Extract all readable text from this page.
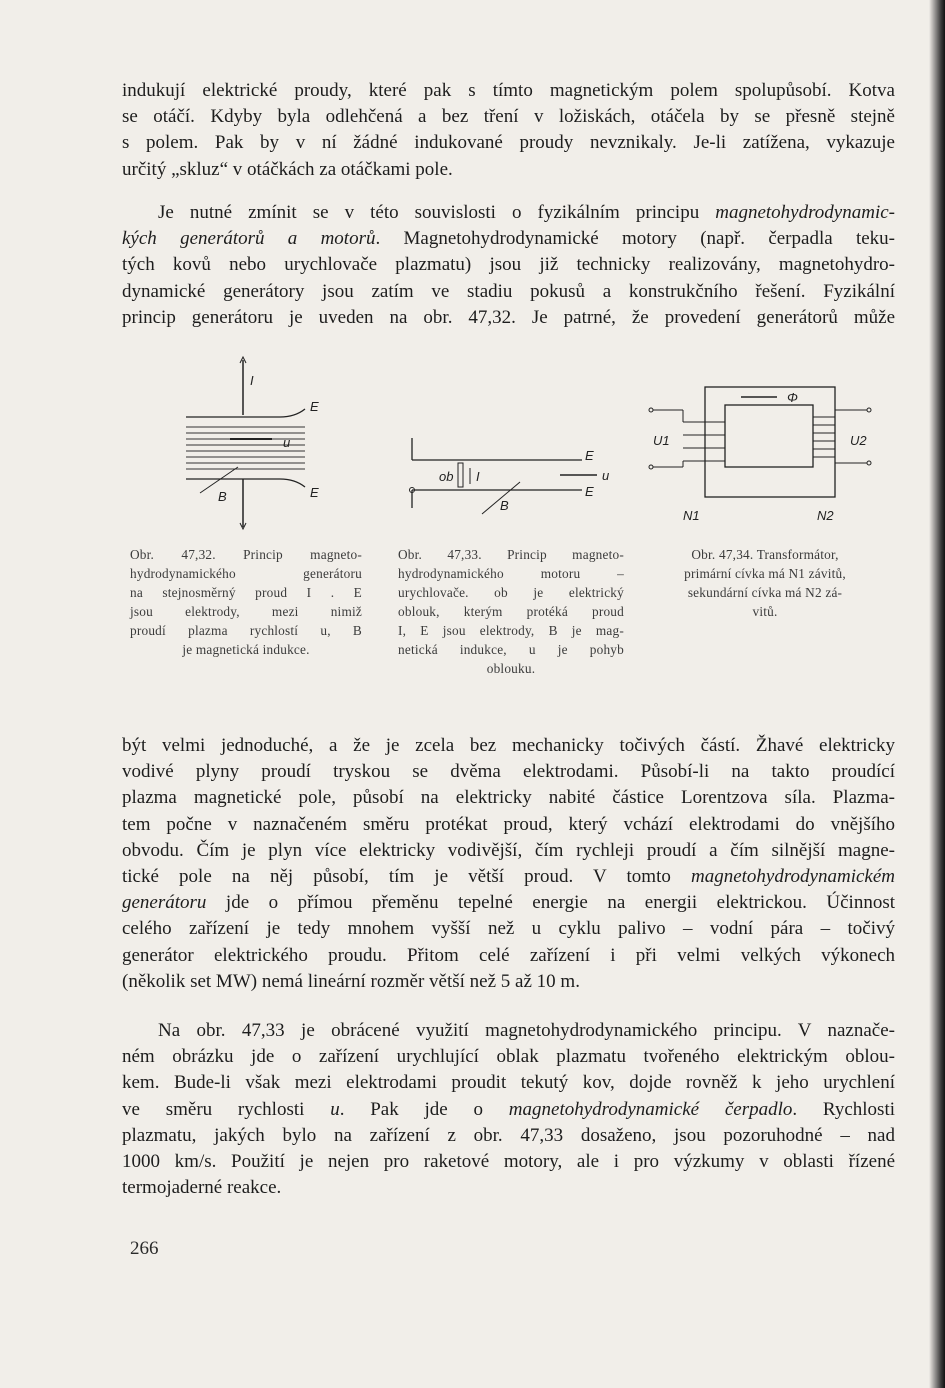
indukují elektrické proudy, které pak s tímto magnetickým polem spolupůsobí. Kotva
se otáčí. Kdyby byla odlehčená a bez tření v ložiskách, otáčela by se přesně stejně
s polem. Pak by v ní žádné indukované proudy nevznikaly. Je-li zatížena, vykazuje
určitý „skluz“ v otáčkách za otáčkami pole.
Je nutné zmínit se v této souvislosti o fyzikálním principu magnetohydrodynamic-
kých generátorů a motorů. Magnetohydrodynamické motory (např. čerpadla teku-
tých kovů nebo urychlovače plazmatu) jsou již technicky realizovány, magnetohydro-
dynamické generátory jsou zatím ve stadiu pokusů a konstrukčního řešení. Fyzikální
princip generátoru je uveden na obr. 47,32. Je patrné, že provedení generátorů může
I
E
u
E
B
E
E
ob I	u
B
Φ
U1	U2
N1	N2
Obr. 47,32. Princip magneto-
hydrodynamického generátoru
na stejnosměrný proud I . E
jsou elektrody, mezi nimiž
proudí plazma rychlostí u, B
je magnetická indukce.
Obr. 47,33. Princip magneto-
hydrodynamického motoru –
urychlovače. ob je elektrický
oblouk, kterým protéká proud
I, E jsou elektrody, B je mag-
netická indukce, u je pohyb
oblouku.
Obr. 47,34. Transformátor,
primární cívka má N1 závitů,
sekundární cívka má N2 zá-
vitů.
být velmi jednoduché, a že je zcela bez mechanicky točivých částí. Žhavé elektricky
vodivé plyny proudí tryskou se dvěma elektrodami. Působí-li na takto proudící
plazma magnetické pole, působí na elektricky nabité částice Lorentzova síla. Plazma-
tem počne v naznačeném směru protékat proud, který vchází elektrodami do vnějšího
obvodu. Čím je plyn více elektricky vodivější, čím rychleji proudí a čím silnější magne-
tické pole na něj působí, tím je větší proud. V tomto magnetohydrodynamickém
generátoru jde o přímou přeměnu tepelné energie na energii elektrickou. Účinnost
celého zařízení je tedy mnohem vyšší než u cyklu palivo – vodní pára – točivý
generátor elektrického proudu. Přitom celé zařízení i při velmi velkých výkonech
(několik set MW) nemá lineární rozměr větší než 5 až 10 m.
Na obr. 47,33 je obrácené využití magnetohydrodynamického principu. V naznače-
ném obrázku jde o zařízení urychlující oblak plazmatu tvořeného elektrickým oblou-
kem. Bude-li však mezi elektrodami proudit tekutý kov, dojde rovněž k jeho urychlení
ve směru rychlosti u. Pak jde o magnetohydrodynamické čerpadlo. Rychlosti
plazmatu, jakých bylo na zařízení z obr. 47,33 dosaženo, jsou pozoruhodné – nad
1000 km/s. Použití je nejen pro raketové motory, ale i pro výzkumy v oblasti řízené
termojaderné reakce.
266
